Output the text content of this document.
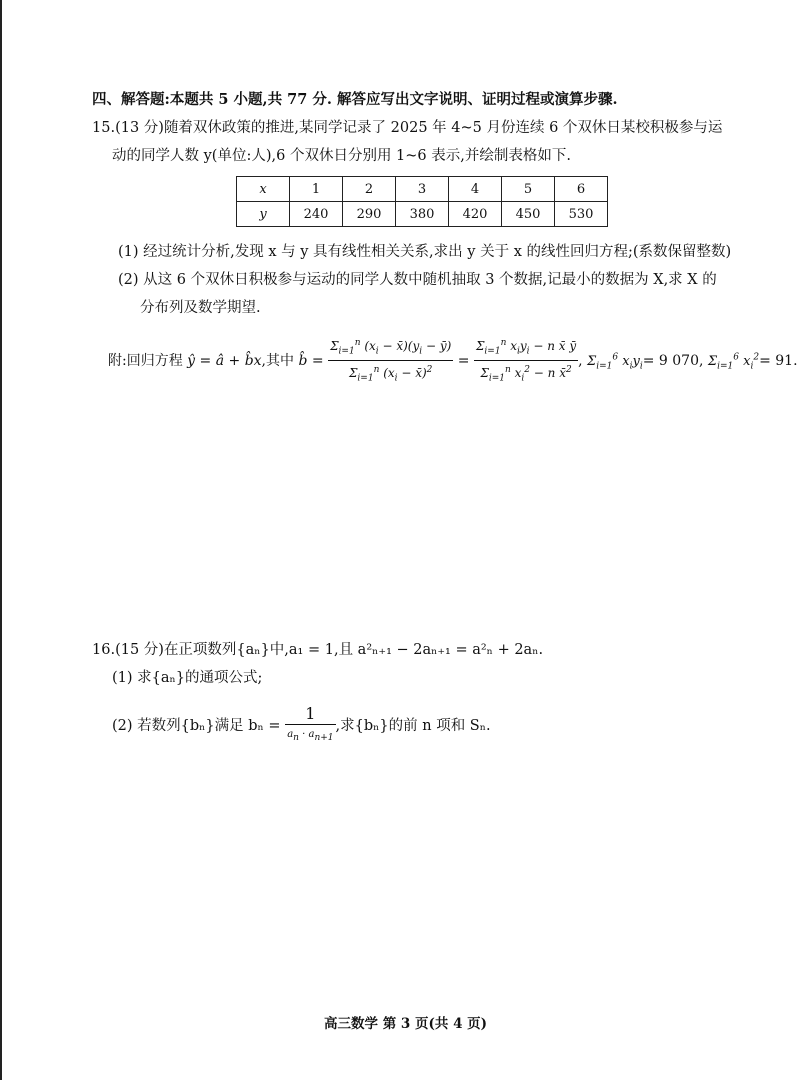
四、解答题:本题共 5 小题,共 77 分. 解答应写出文字说明、证明过程或演算步骤.
15.(13 分)随着双休政策的推进,某同学记录了 2025 年 4~5 月份连续 6 个双休日某校积极参与运
动的同学人数 y(单位:人),6 个双休日分别用 1~6 表示,并绘制表格如下.
x	1	2	3	4	5	6
y	240	290	380	420	450	530
(1) 经过统计分析,发现 x 与 y 具有线性相关关系,求出 y 关于 x 的线性回归方程;(系数保留整数)
(2) 从这 6 个双休日积极参与运动的同学人数中随机抽取 3 个数据,记最小的数据为 X,求 X 的
分布列及数学期望.
附:回归方程 ŷ = â + b̂x,其中 b̂ = $\frac{\Sigma_{i=1}^n (x_i - x̄)(y_i - ȳ)}{\Sigma_{i=1}^n (x_i - x̄)^2} = \frac{\Sigma_{i=1}^n x_iy_i - n x̄ ȳ}{\Sigma_{i=1}^n x_i^2 - n x̄^2}$ , $\Sigma_{i=1}^6$ $x_iy_i= 9$ 070, $\Sigma_{i=1}^6$ $x_i^2= 91$.
16.(15 分)在正项数列{aₙ}中,a₁ = 1,且 a²ₙ₊₁ − 2aₙ₊₁ = a²ₙ + 2aₙ.
(1) 求{aₙ}的通项公式;
(2) 若数列{bₙ}满足 $b_n = \frac{1}{a_n \cdot a_{n+1}}$ ,求{bₙ}的前 n 项和 Sₙ.
高三数学 第 3 页(共 4 页)
